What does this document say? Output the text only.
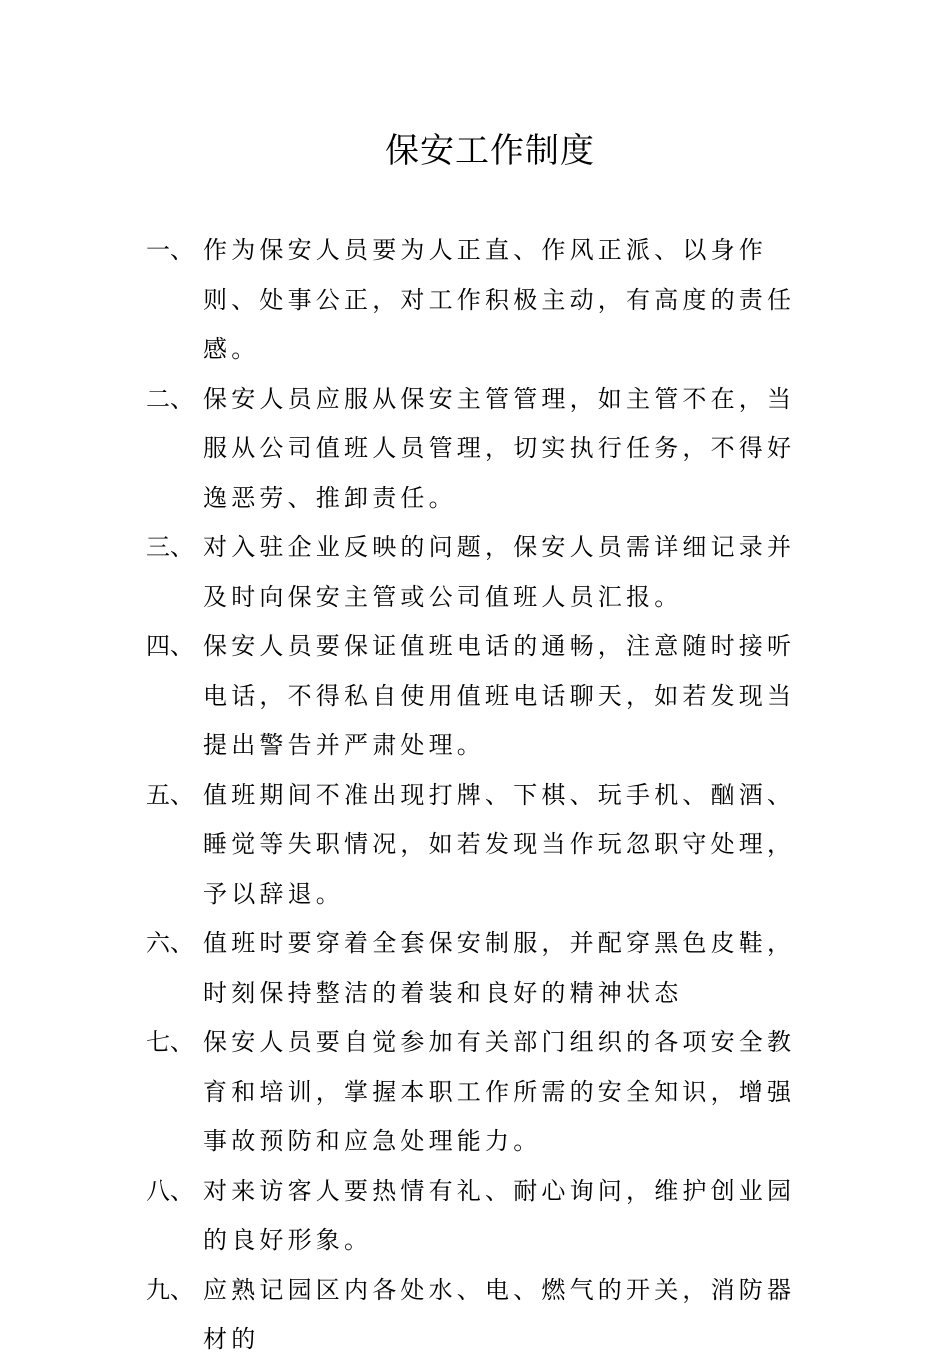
保安工作制度
一、 作为保安人员要为人正直、作风正派、以身作则、处事公正，对工作积极主动，有高度的责任感。
二、 保安人员应服从保安主管管理，如主管不在，当服从公司值班人员管理，切实执行任务，不得好逸恶劳、推卸责任。
三、 对入驻企业反映的问题，保安人员需详细记录并及时向保安主管或公司值班人员汇报。
四、 保安人员要保证值班电话的通畅，注意随时接听电话，不得私自使用值班电话聊天，如若发现当提出警告并严肃处理。
五、 值班期间不准出现打牌、下棋、玩手机、酗酒、睡觉等失职情况，如若发现当作玩忽职守处理，予以辞退。
六、 值班时要穿着全套保安制服，并配穿黑色皮鞋，时刻保持整洁的着装和良好的精神状态
七、 保安人员要自觉参加有关部门组织的各项安全教育和培训，掌握本职工作所需的安全知识，增强事故预防和应急处理能力。
八、 对来访客人要热情有礼、耐心询问，维护创业园的良好形象。
九、 应熟记园区内各处水、电、燃气的开关，消防器材的
